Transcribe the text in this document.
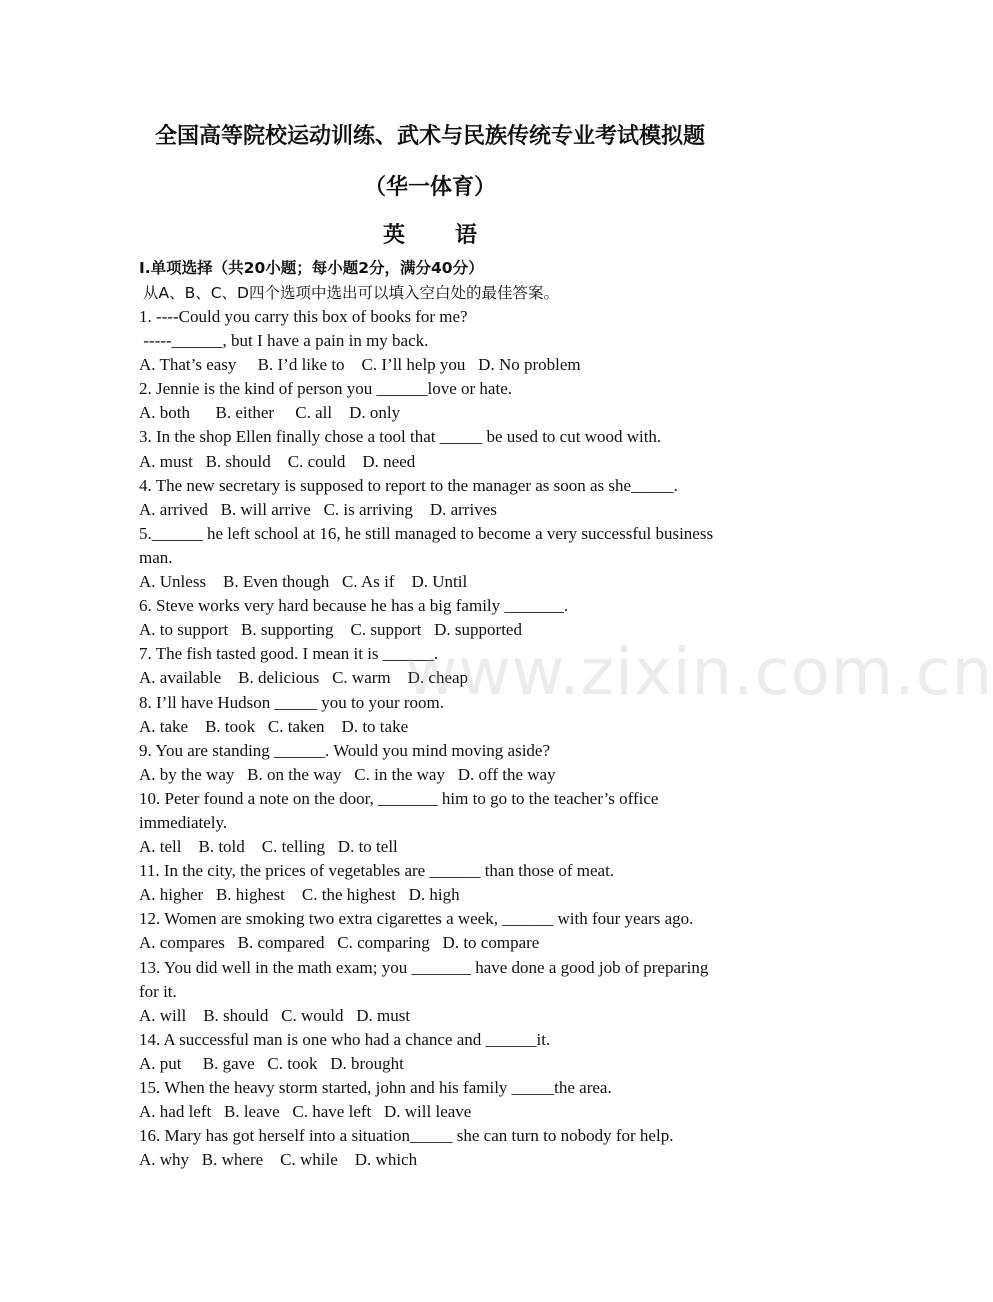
全国高等院校运动训练、武术与民族传统专业考试模拟题
（华一体育）
英 语
I.单项选择（共20小题；每小题2分，满分40分）
从A、B、C、D四个选项中选出可以填入空白处的最佳答案。
1. ----Could you carry this box of books for me?
-----______, but I have a pain in my back.
A. That’s easy     B. I’d like to    C. I’ll help you   D. No problem
2. Jennie is the kind of person you ______love or hate.
A. both      B. either     C. all    D. only
3. In the shop Ellen finally chose a tool that _____ be used to cut wood with.
A. must   B. should    C. could    D. need
4. The new secretary is supposed to report to the manager as soon as she_____.
A. arrived   B. will arrive   C. is arriving    D. arrives
5.______ he left school at 16, he still managed to become a very successful business
man.
A. Unless    B. Even though   C. As if    D. Until
6. Steve works very hard because he has a big family _______.
A. to support   B. supporting    C. support   D. supported
7. The fish tasted good. I mean it is ______.
A. available    B. delicious   C. warm    D. cheap
8. I’ll have Hudson _____ you to your room.
A. take    B. took   C. taken    D. to take
9. You are standing ______. Would you mind moving aside?
A. by the way   B. on the way   C. in the way   D. off the way
10. Peter found a note on the door, _______ him to go to the teacher’s office
immediately.
A. tell    B. told    C. telling   D. to tell
11. In the city, the prices of vegetables are ______ than those of meat.
A. higher   B. highest    C. the highest   D. high
12. Women are smoking two extra cigarettes a week, ______ with four years ago.
A. compares   B. compared   C. comparing   D. to compare
13. You did well in the math exam; you _______ have done a good job of preparing
for it.
A. will    B. should   C. would   D. must
14. A successful man is one who had a chance and ______it.
A. put     B. gave   C. took   D. brought
15. When the heavy storm started, john and his family _____the area.
A. had left   B. leave   C. have left   D. will leave
16. Mary has got herself into a situation_____ she can turn to nobody for help.
A. why   B. where    C. while    D. which
www.zixin.com.cn
